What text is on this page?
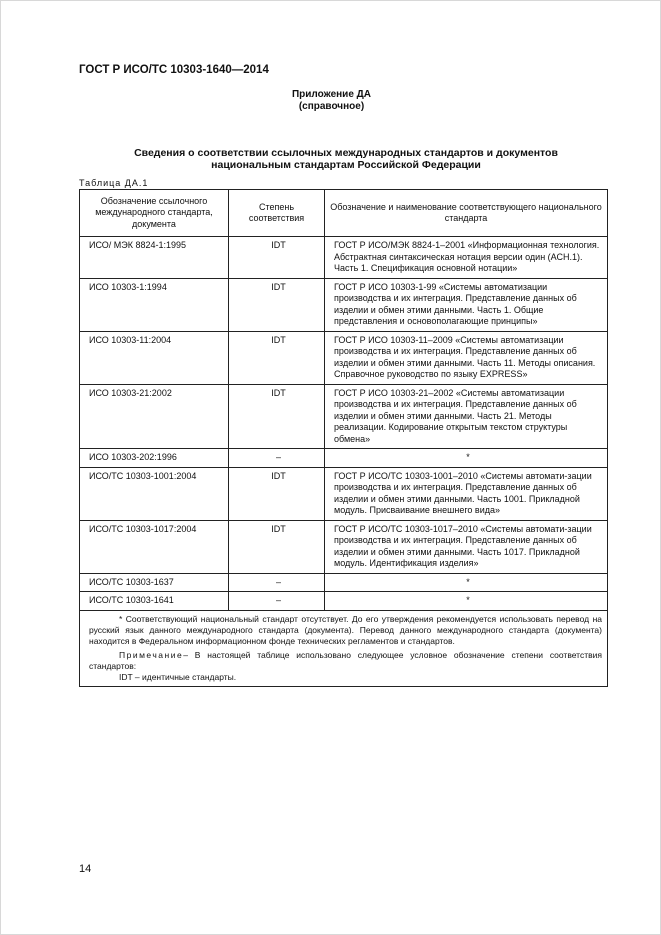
ГОСТ Р ИСО/ТС 10303-1640—2014
Приложение ДА
(справочное)
Сведения о соответствии ссылочных международных стандартов и документов
национальным стандартам Российской Федерации
Таблица ДА.1
Обозначение ссылочного международного стандарта, документа	Степень соответствия	Обозначение и наименование соответствующего национального стандарта
ИСО/ МЭК 8824-1:1995	IDT	ГОСТ Р ИСО/МЭК 8824-1–2001 «Информационная технология. Абстрактная синтаксическая нотация версии один (АСН.1). Часть 1. Спецификация основной нотации»
ИСО 10303-1:1994	IDT	ГОСТ Р ИСО 10303-1-99 «Системы автоматизации производства и их интеграция. Представление данных об изделии и обмен этими данными. Часть 1. Общие представления и основополагающие принципы»
ИСО 10303-11:2004	IDT	ГОСТ Р ИСО 10303-11–2009 «Системы автоматизации производства и их интеграция. Представление данных об изделии и обмен этими данными. Часть 11. Методы описания. Справочное руководство по языку EXPRESS»
ИСО 10303-21:2002	IDT	ГОСТ Р ИСО 10303-21–2002 «Системы автоматизации производства и их интеграция. Представление данных об изделии и обмен этими данными. Часть 21. Методы реализации. Кодирование открытым текстом структуры обмена»
ИСО 10303-202:1996	–	*
ИСО/ТС 10303-1001:2004	IDT	ГОСТ Р ИСО/ТС 10303-1001–2010 «Системы автомати-зации производства и их интеграция. Представление данных об изделии и обмен этими данными. Часть 1001. Прикладной модуль. Присваивание внешнего вида»
ИСО/ТС 10303-1017:2004	IDT	ГОСТ Р ИСО/ТС 10303-1017–2010 «Системы автомати-зации производства и их интеграция. Представление данных об изделии и обмен этими данными. Часть 1017. Прикладной модуль. Идентификация изделия»
ИСО/ТС 10303-1637	–	*
ИСО/ТС 10303-1641	–	*

* Соответствующий национальный стандарт отсутствует. До его утверждения рекомендуется использовать перевод на русский язык данного международного стандарта (документа). Перевод данного международного стандарта (документа) находится в Федеральном информационном фонде технических регламентов и стандартов.

Примечание– В настоящей таблице использовано следующее условное обозначение степени соответствия стандартов:

IDT – идентичные стандарты.		
14
